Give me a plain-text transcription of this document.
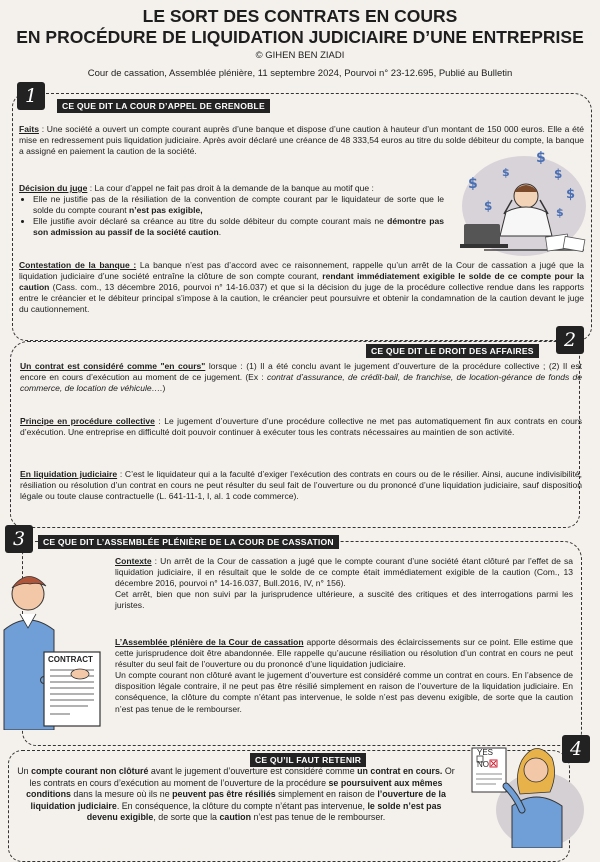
LE SORT DES CONTRATS EN COURS
EN PROCÉDURE DE LIQUIDATION JUDICIAIRE D’UNE ENTREPRISE
© GIHEN BEN ZIADI
Cour de cassation, Assemblée plénière, 11 septembre 2024, Pourvoi n° 23-12.695, Publié au Bulletin
1	CE QUE DIT LA COUR D’APPEL DE GRENOBLE

Faits : Une société a ouvert un compte courant auprès d’une banque et dispose d’une caution à hauteur d’un montant de 150 000 euros. Elle a été mise en redressement puis liquidation judiciaire. Après avoir déclaré une créance de 48 333,54 euros au titre du solde débiteur du compte, la banque a assigné en paiement la caution de la société.

Décision du juge : La cour d’appel ne fait pas droit à la demande de la banque au motif que :

• Elle ne justifie pas de la résiliation de la convention de compte courant par le liquidateur de sorte que le solde du compte courant n’est pas exigible,
• Elle justifie avoir déclaré sa créance au titre du solde débiteur du compte courant mais ne démontre pas son admission au passif de la société caution.
$
$
$
$
$
$
$

Contestation de la banque : La banque n’est pas d’accord avec ce raisonnement, rappelle qu’un arrêt de la Cour de cassation a jugé que la liquidation judiciaire d’une société entraîne la clôture de son compte courant, rendant immédiatement exigible le solde de ce compte pour la caution (Cass. com., 13 décembre 2016, pourvoi n° 14-16.037) et que si la décision du juge de la procédure collective rendue dans les rapports entre le créancier et le débiteur principal s’impose à la caution, le créancier peut poursuivre et obtenir la condamnation de la caution devant le juge du cautionnement.

2
CE QUE DIT LE DROIT DES AFFAIRES

Un contrat est considéré comme "en cours" lorsque : (1) Il a été conclu avant le jugement d’ouverture de la procédure collective ; (2) Il est encore en cours d’exécution au moment de ce jugement. (Ex : contrat d’assurance, de crédit-bail, de franchise, de location-gérance de fonds de commerce, de location de véhicule….)

Principe en procédure collective : Le jugement d’ouverture d’une procédure collective ne met pas automatiquement fin aux contrats en cours d’exécution. Une entreprise en difficulté doit pouvoir continuer à exécuter tous les contrats nécessaires au maintien de son activité.

En liquidation judiciaire : C’est le liquidateur qui a la faculté d’exiger l’exécution des contrats en cours ou de le résilier. Ainsi, aucune indivisibilité, résiliation ou résolution d’un contrat en cours ne peut résulter du seul fait de l’ouverture ou du prononcé d’une liquidation judiciaire, sauf disposition légale ou toute clause contractuelle (L. 641-11-1, I, al. 1 code commerce).

3	CE QUE DIT L’ASSEMBLÉE PLÉNIÈRE DE LA COUR DE CASSATION
CONTRACT

Contexte : Un arrêt de la Cour de cassation a jugé que le compte courant d’une société étant clôturé par l’effet de sa liquidation judiciaire, il en résultait que le solde de ce compte était immédiatement exigible de la caution (Com., 13 décembre 2016, pourvoi n° 14-16.037, Bull.2016, IV, n° 156).

Cet arrêt, bien que non suivi par la jurisprudence ultérieure, a suscité des critiques et des interrogations parmi les juristes.

L’Assemblée plénière de la Cour de cassation apporte désormais des éclaircissements sur ce point. Elle estime que cette jurisprudence doit être abandonnée. Elle rappelle qu’aucune résiliation ou résolution d’un contrat en cours ne peut résulter du seul fait de l’ouverture ou du prononcé d’une liquidation judiciaire.

Un compte courant non clôturé avant le jugement d’ouverture est considéré comme un contrat en cours. En l’absence de disposition légale contraire, il ne peut pas être résilié simplement en raison de l’ouverture de la liquidation judiciaire. En conséquence, la clôture du compte n’étant pas intervenue, le solde n’est pas devenu exigible, de sorte que la caution n’est pas tenue de le rembourser.

4
CE QU’IL FAUT RETENIR

Un compte courant non clôturé avant le jugement d’ouverture est considéré comme un contrat en cours. Or les contrats en cours d’exécution au moment de l’ouverture de la procédure se poursuivent aux mêmes conditions dans la mesure où ils ne peuvent pas être résiliés simplement en raison de l’ouverture de la liquidation judiciaire. En conséquence, la clôture du compte n’étant pas intervenue, le solde n’est pas devenu exigible, de sorte que la caution n’est pas tenue de le rembourser.

YES
NO
